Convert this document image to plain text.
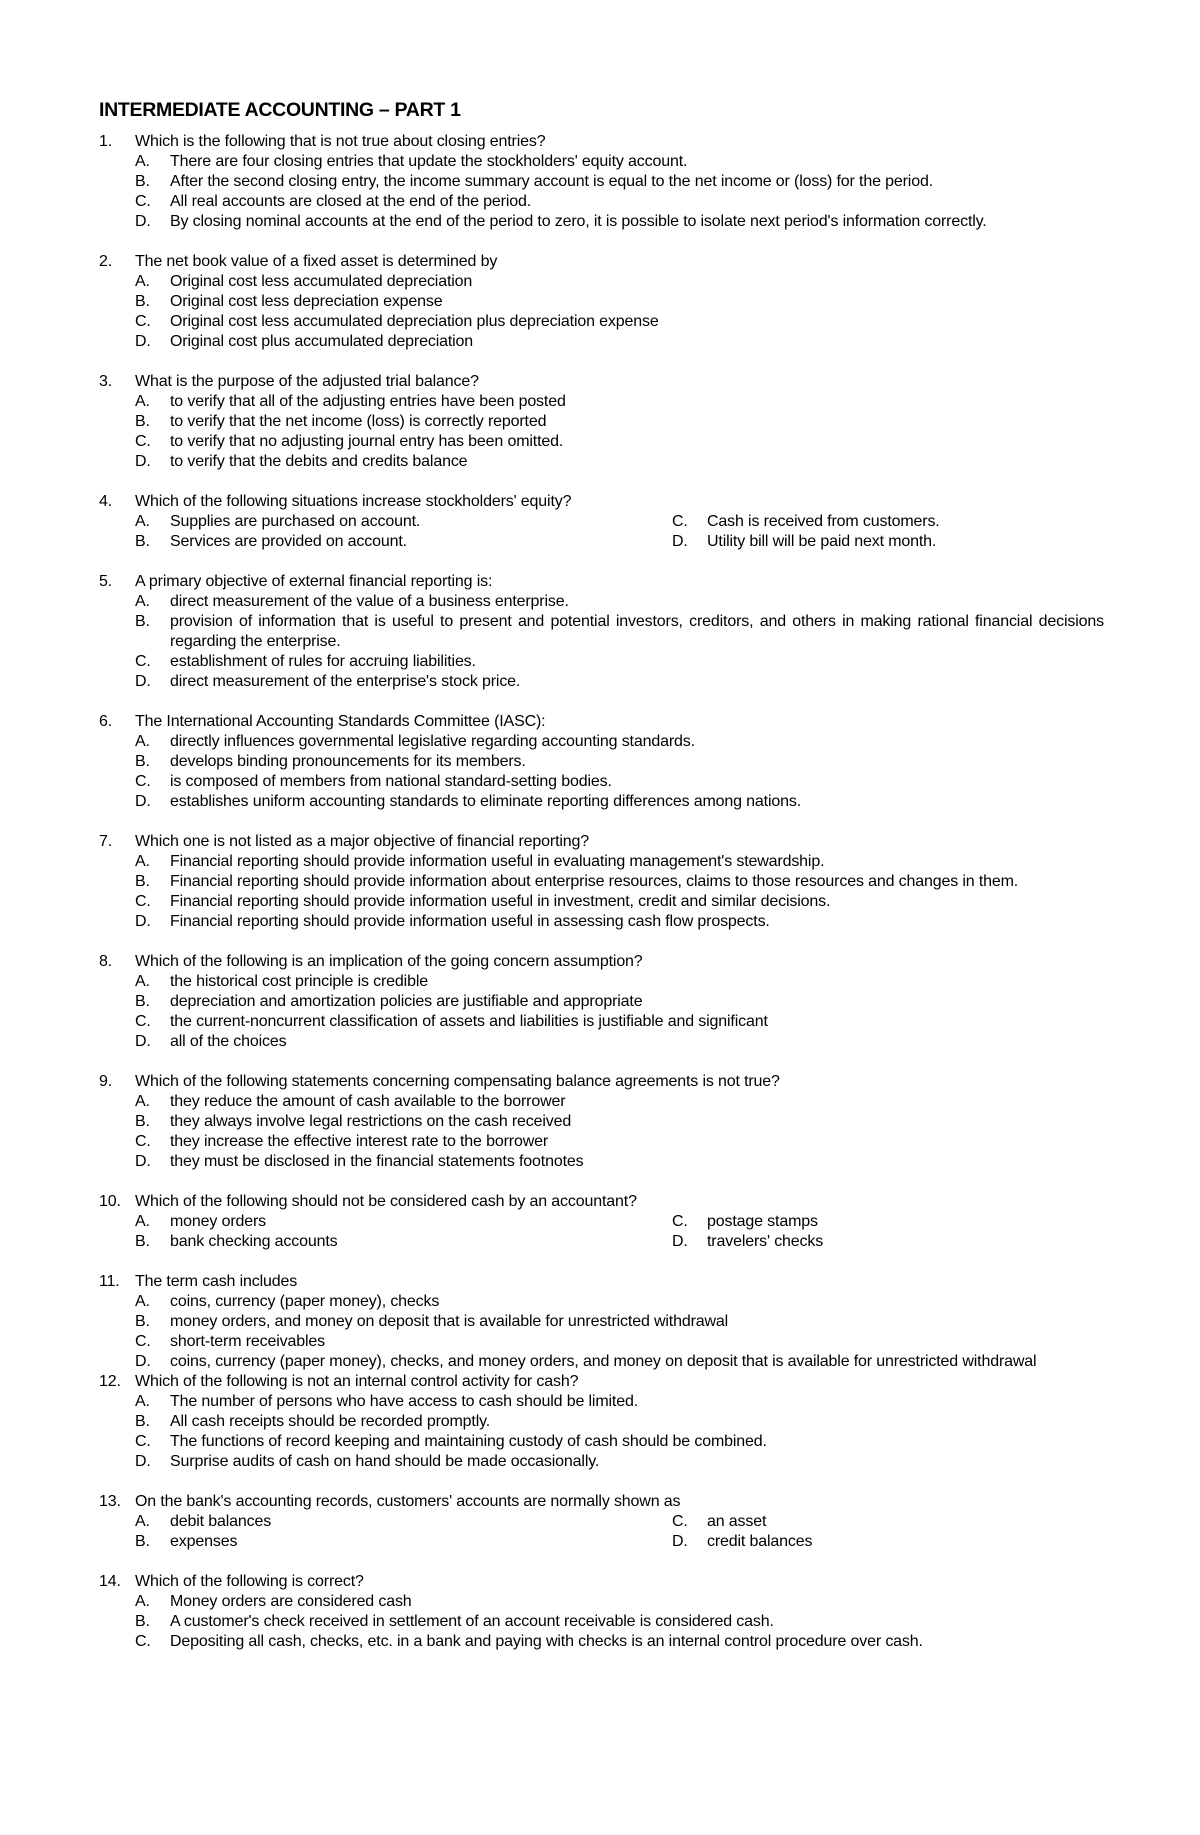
INTERMEDIATE ACCOUNTING – PART 1
1.	Which is the following that is not true about closing entries?
A.	There are four closing entries that update the stockholders' equity account.
B.	After the second closing entry, the income summary account is equal to the net income or (loss) for the period.
C.	All real accounts are closed at the end of the period.
D.	By closing nominal accounts at the end of the period to zero, it is possible to isolate next period's information correctly.
2.	The net book value of a fixed asset is determined by
A.	Original cost less accumulated depreciation
B.	Original cost less depreciation expense
C.	Original cost less accumulated depreciation plus depreciation expense
D.	Original cost plus accumulated depreciation
3.	What is the purpose of the adjusted trial balance?
A.	to verify that all of the adjusting entries have been posted
B.	to verify that the net income (loss) is correctly reported
C.	to verify that no adjusting journal entry has been omitted.
D.	to verify that the debits and credits balance
4.	Which of the following situations increase stockholders' equity?
A.	Supplies are purchased on account.
B.	Services are provided on account.
C.	Cash is received from customers.
D.	Utility bill will be paid next month.
5.	A primary objective of external financial reporting is:
A.	direct measurement of the value of a business enterprise.
B.	provision of information that is useful to present and potential investors, creditors, and others in making rational financial decisions regarding the enterprise.
C.	establishment of rules for accruing liabilities.
D.	direct measurement of the enterprise's stock price.
6.	The International Accounting Standards Committee (IASC):
A.	directly influences governmental legislative regarding accounting standards.
B.	develops binding pronouncements for its members.
C.	is composed of members from national standard-setting bodies.
D.	establishes uniform accounting standards to eliminate reporting differences among nations.
7.	Which one is not listed as a major objective of financial reporting?
A.	Financial reporting should provide information useful in evaluating management's stewardship.
B.	Financial reporting should provide information about enterprise resources, claims to those resources and changes in them.
C.	Financial reporting should provide information useful in investment, credit and similar decisions.
D.	Financial reporting should provide information useful in assessing cash flow prospects.
8.	Which of the following is an implication of the going concern assumption?
A.	the historical cost principle is credible
B.	depreciation and amortization policies are justifiable and appropriate
C.	the current-noncurrent classification of assets and liabilities is justifiable and significant
D.	all of the choices
9.	Which of the following statements concerning compensating balance agreements is not true?
A.	they reduce the amount of cash available to the borrower
B.	they always involve legal restrictions on the cash received
C.	they increase the effective interest rate to the borrower
D.	they must be disclosed in the financial statements footnotes
10. Which of the following should not be considered cash by an accountant?
A.	money orders
B.	bank checking accounts
C.	postage stamps
D.	travelers' checks
11. The term cash includes
A.	coins, currency (paper money), checks
B.	money orders, and money on deposit that is available for unrestricted withdrawal
C.	short-term receivables
D.	coins, currency (paper money), checks, and money orders, and money on deposit that is available for unrestricted withdrawal
12. Which of the following is not an internal control activity for cash?
A.	The number of persons who have access to cash should be limited.
B.	All cash receipts should be recorded promptly.
C.	The functions of record keeping and maintaining custody of cash should be combined.
D.	Surprise audits of cash on hand should be made occasionally.
13. On the bank's accounting records, customers' accounts are normally shown as
A.	debit balances
B.	expenses
C.	an asset
D.	credit balances
14. Which of the following is correct?
A.	Money orders are considered cash
B.	A customer's check received in settlement of an account receivable is considered cash.
C.	Depositing all cash, checks, etc. in a bank and paying with checks is an internal control procedure over cash.
